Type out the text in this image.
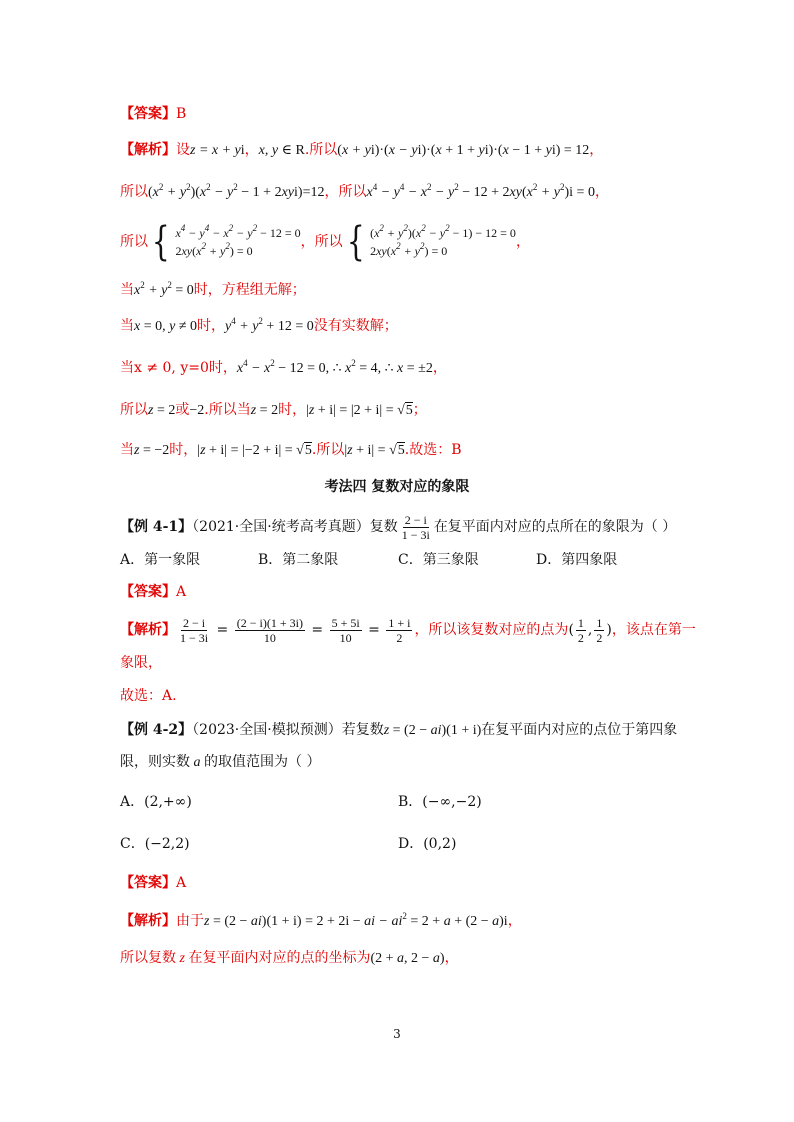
【答案】B
【解析】设z = x + yi，x, y ∈ R.所以(x + yi)·(x − yi)·(x + 1 + yi)·(x − 1 + yi) = 12，
所以$(x^2 + y^2)(x^2 - y^2 - 1 + 2xyi)=12$，所以$x^4 - y^4 - x^2 - y^2 - 12 + 2xy(x^2 + y^2)i = 0$，
所以 { $x^4 - y^4 - x^2 - y^2 - 12 = 0$
$2xy(x^2 + y^2) = 0$
，所以 { $(x^2 + y^2)(x^2 - y^2 - 1) - 12 = 0$
$2xy(x^2 + y^2) = 0$
，
当$x^2 + y^2 = 0$时，方程组无解；
当x = 0, y ≠ 0时，$y^4 + y^2 + 12 = 0$没有实数解；
当x ≠ 0, y=0时，$x^4 - x^2 - 12 = 0$, ∴ $x^2 = 4$, ∴ x = ±2，
所以z = 2或−2.所以当z = 2时，|z + i| = |2 + i| = √5；
当z = −2时，|z + i| = |−2 + i| = √5.所以|z + i| = √5.故选：B
考法四 复数对应的象限
【例 4-1】（2021·全国·统考高考真题）复数 $\frac{2 - i}{1 - 3i}$ 在复平面内对应的点所在的象限为（ ）
A．第一象限	B．第二象限	C．第三象限	D．第四象限
【答案】A
【解析】 $\frac{2 - i}{1 - 3i} = \frac{(2 - i)(1 + 3i)}{10} = \frac{5 + 5i}{10} = \frac{1 + i}{2}$ ，所以该复数对应的点为( $\frac{1}{2}$ , $\frac{1}{2}$ )，该点在第一
象限，
故选：A.
【例 4-2】（2023·全国·模拟预测）若复数z = (2 − ai)(1 + i)在复平面内对应的点位于第四象
限，则实数 a 的取值范围为（ ）
A．(2,+∞)	B．(−∞,−2)
C．(−2,2)	D．(0,2)
【答案】A
【解析】由于z = (2 − ai)(1 + i) = 2 + 2i − ai − $ai^2 = 2 + a + (2 - a)i$，
所以复数 z 在复平面内对应的点的坐标为(2 + a, 2 − a)，
3
